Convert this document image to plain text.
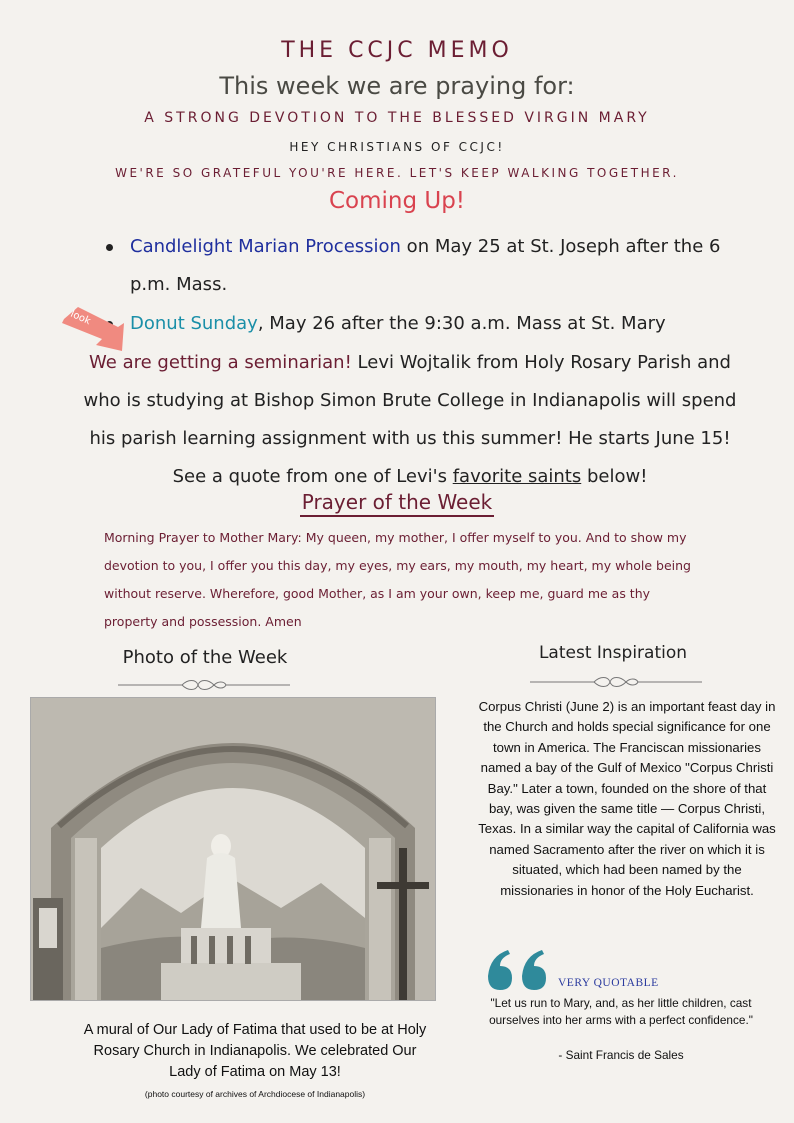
THE CCJC MEMO
This week we are praying for:
A STRONG DEVOTION TO THE BLESSED VIRGIN MARY
HEY CHRISTIANS OF CCJC!
WE'RE SO GRATEFUL YOU'RE HERE. LET'S KEEP WALKING TOGETHER.
Coming Up!
Candlelight Marian Procession on May 25 at St. Joseph after the 6 p.m. Mass.
Donut Sunday, May 26 after the 9:30 a.m. Mass at St. Mary
look
We are getting a seminarian! Levi Wojtalik from Holy Rosary Parish and who is studying at Bishop Simon Brute College in Indianapolis will spend his parish learning assignment with us this summer! He starts June 15! See a quote from one of Levi's favorite saints below!
Prayer of the Week
Morning Prayer to Mother Mary: My queen, my mother, I offer myself to you. And to show my devotion to you, I offer you this day, my eyes, my ears, my mouth, my heart, my whole being without reserve. Wherefore, good Mother, as I am your own, keep me, guard me as thy property and possession. Amen
Photo of the Week	Latest Inspiration
A mural of Our Lady of Fatima that used to be at Holy Rosary Church in Indianapolis. We celebrated Our Lady of Fatima on May 13!
(photo courtesy of archives of Archdiocese of Indianapolis)
Corpus Christi (June 2) is an important feast day in the Church and holds special significance for one town in America. The Franciscan missionaries named a bay of the Gulf of Mexico "Corpus Christi Bay." Later a town, founded on the shore of that bay, was given the same title — Corpus Christi, Texas. In a similar way the capital of California was named Sacramento after the river on which it is situated, which had been named by the missionaries in honor of the Holy Eucharist.
VERY QUOTABLE
"Let us run to Mary, and, as her little children, cast ourselves into her arms with a perfect confidence."
- Saint Francis de Sales
